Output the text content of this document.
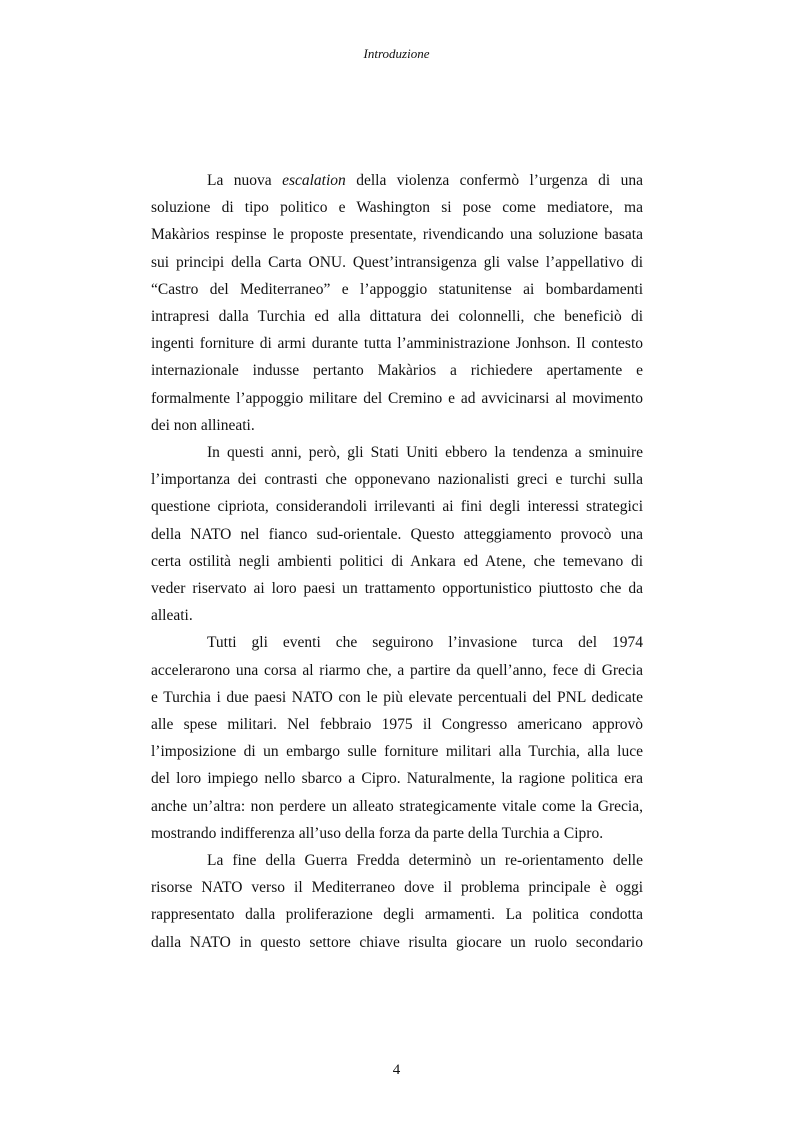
Introduzione
La nuova escalation della violenza confermò l’urgenza di una
soluzione di tipo politico e Washington si pose come mediatore, ma
Makàrios respinse le proposte presentate, rivendicando una soluzione basata
sui principi della Carta ONU. Quest’intransigenza gli valse l’appellativo di
“Castro del Mediterraneo” e l’appoggio statunitense ai bombardamenti
intrapresi dalla Turchia ed alla dittatura dei colonnelli, che beneficiò di
ingenti forniture di armi durante tutta l’amministrazione Jonhson. Il contesto
internazionale indusse pertanto Makàrios a richiedere apertamente e
formalmente l’appoggio militare del Cremino e ad avvicinarsi al movimento
dei non allineati.
In questi anni, però, gli Stati Uniti ebbero la tendenza a sminuire
l’importanza dei contrasti che opponevano nazionalisti greci e turchi sulla
questione cipriota, considerandoli irrilevanti ai fini degli interessi strategici
della NATO nel fianco sud-orientale. Questo atteggiamento provocò una
certa ostilità negli ambienti politici di Ankara ed Atene, che temevano di
veder riservato ai loro paesi un trattamento opportunistico piuttosto che da
alleati.
Tutti gli eventi che seguirono l’invasione turca del 1974
accelerarono una corsa al riarmo che, a partire da quell’anno, fece di Grecia
e Turchia i due paesi NATO con le più elevate percentuali del PNL dedicate
alle spese militari. Nel febbraio 1975 il Congresso americano approvò
l’imposizione di un embargo sulle forniture militari alla Turchia, alla luce
del loro impiego nello sbarco a Cipro. Naturalmente, la ragione politica era
anche un’altra: non perdere un alleato strategicamente vitale come la Grecia,
mostrando indifferenza all’uso della forza da parte della Turchia a Cipro.
La fine della Guerra Fredda determinò un re-orientamento delle
risorse NATO verso il Mediterraneo dove il problema principale è oggi
rappresentato dalla proliferazione degli armamenti. La politica condotta
dalla NATO in questo settore chiave risulta giocare un ruolo secondario
4
